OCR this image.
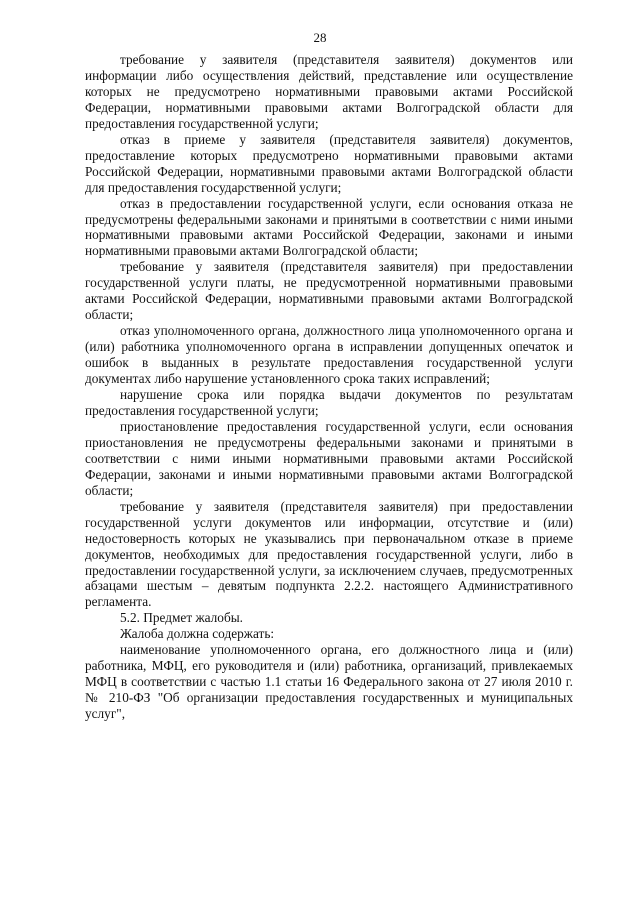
28

требование у заявителя (представителя заявителя) документов или информации либо осуществления действий, представление или осуществление которых не предусмотрено нормативными правовыми актами Российской Федерации, нормативными правовыми актами Волгоградской области для предоставления государственной услуги;

отказ в приеме у заявителя (представителя заявителя) документов, предоставление которых предусмотрено нормативными правовыми актами Российской Федерации, нормативными правовыми актами Волгоградской области для предоставления государственной услуги;

отказ в предоставлении государственной услуги, если основания отказа не предусмотрены федеральными законами и принятыми в соответствии с ними иными нормативными правовыми актами Российской Федерации, законами и иными нормативными правовыми актами Волгоградской области;

требование у заявителя (представителя заявителя) при предоставлении государственной услуги платы, не предусмотренной нормативными правовыми актами Российской Федерации, нормативными правовыми актами Волгоградской области;

отказ уполномоченного органа, должностного лица уполномоченного органа и (или) работника уполномоченного органа в исправлении допущенных опечаток и ошибок в выданных в результате предоставления государственной услуги документах либо нарушение установленного срока таких исправлений;

нарушение срока или порядка выдачи документов по результатам предоставления государственной услуги;

приостановление предоставления государственной услуги, если основания приостановления не предусмотрены федеральными законами и принятыми в соответствии с ними иными нормативными правовыми актами Российской Федерации, законами и иными нормативными правовыми актами Волгоградской области;

требование у заявителя (представителя заявителя) при предоставлении государственной услуги документов или информации, отсутствие и (или) недостоверность которых не указывались при первоначальном отказе в приеме документов, необходимых для предоставления государственной услуги, либо в предоставлении государственной услуги, за исключением случаев, предусмотренных абзацами шестым – девятым подпункта 2.2.2. настоящего Административного регламента.

5.2. Предмет жалобы.

Жалоба должна содержать:

наименование уполномоченного органа, его должностного лица и (или) работника, МФЦ, его руководителя и (или) работника, организаций, привлекаемых МФЦ в соответствии с частью 1.1 статьи 16 Федерального закона от 27 июля 2010 г. № 210-ФЗ "Об организации предоставления государственных и муниципальных услуг",
